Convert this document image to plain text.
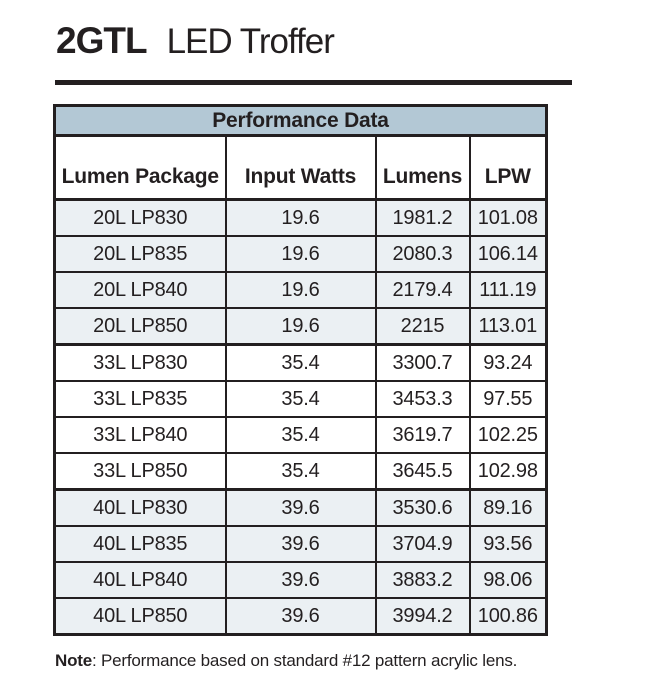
2GTL LED Troffer
Performance Data			
Lumen Package	Input Watts	Lumens	LPW
20L LP830	19.6	1981.2	101.08
20L LP835	19.6	2080.3	106.14
20L LP840	19.6	2179.4	111.19
20L LP850	19.6	2215	113.01
33L LP830	35.4	3300.7	93.24
33L LP835	35.4	3453.3	97.55
33L LP840	35.4	3619.7	102.25
33L LP850	35.4	3645.5	102.98
40L LP830	39.6	3530.6	89.16
40L LP835	39.6	3704.9	93.56
40L LP840	39.6	3883.2	98.06
40L LP850	39.6	3994.2	100.86

Note: Performance based on standard #12 pattern acrylic lens.
